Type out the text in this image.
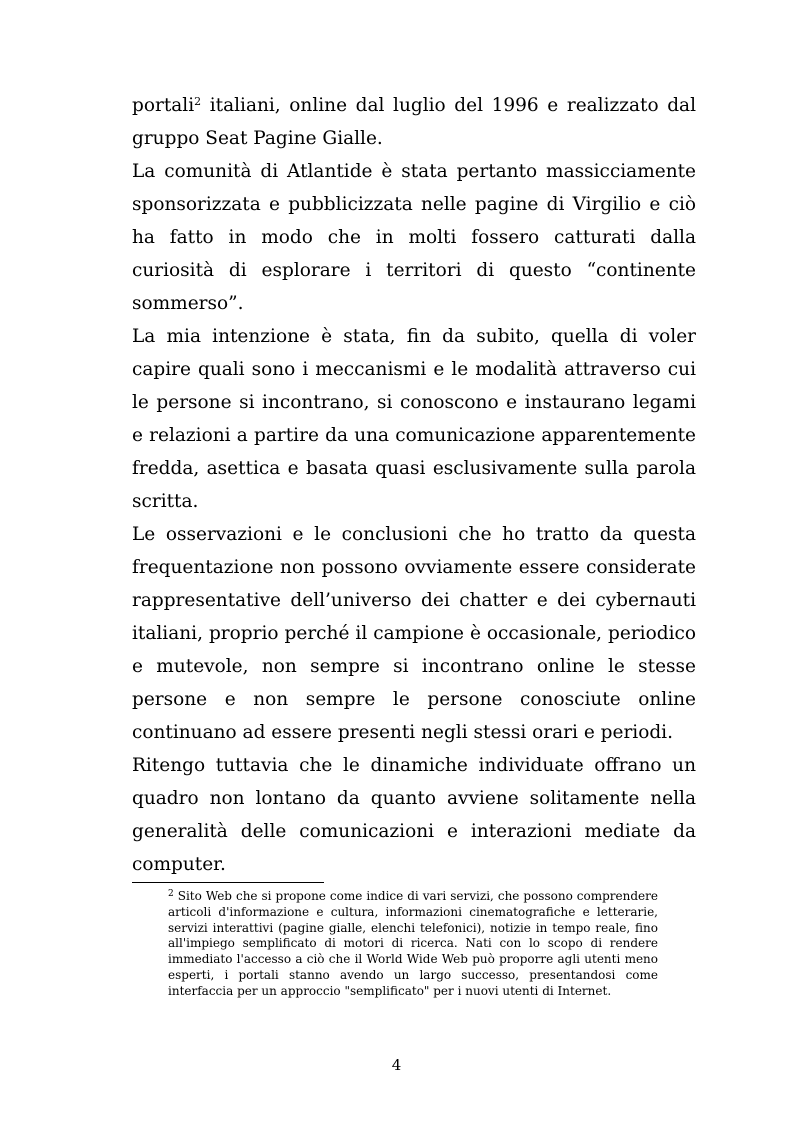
portali$^2$ italiani, online dal luglio del 1996 e realizzato dal gruppo Seat Pagine Gialle.

La comunità di Atlantide è stata pertanto massicciamente sponsorizzata e pubblicizzata nelle pagine di Virgilio e ciò ha fatto in modo che in molti fossero catturati dalla curiosità di esplorare i territori di questo “continente sommerso”.

La mia intenzione è stata, fin da subito, quella di voler capire quali sono i meccanismi e le modalità attraverso cui le persone si incontrano, si conoscono e instaurano legami e relazioni a partire da una comunicazione apparentemente fredda, asettica e basata quasi esclusivamente sulla parola scritta.

Le osservazioni e le conclusioni che ho tratto da questa frequentazione non possono ovviamente essere considerate rappresentative dell’universo dei chatter e dei cybernauti italiani, proprio perché il campione è occasionale, periodico e mutevole, non sempre si incontrano online le stesse persone e non sempre le persone conosciute online continuano ad essere presenti negli stessi orari e periodi.

Ritengo tuttavia che le dinamiche individuate offrano un quadro non lontano da quanto avviene solitamente nella generalità delle comunicazioni e interazioni mediate da computer.

$^2$ Sito Web che si propone come indice di vari servizi, che possono comprendere articoli d'informazione e cultura, informazioni cinematografiche e letterarie, servizi interattivi (pagine gialle, elenchi telefonici), notizie in tempo reale, fino all'impiego semplificato di motori di ricerca. Nati con lo scopo di rendere immediato l'accesso a ciò che il World Wide Web può proporre agli utenti meno esperti, i portali stanno avendo un largo successo, presentandosi come interfaccia per un approccio "semplificato" per i nuovi utenti di Internet.
4
